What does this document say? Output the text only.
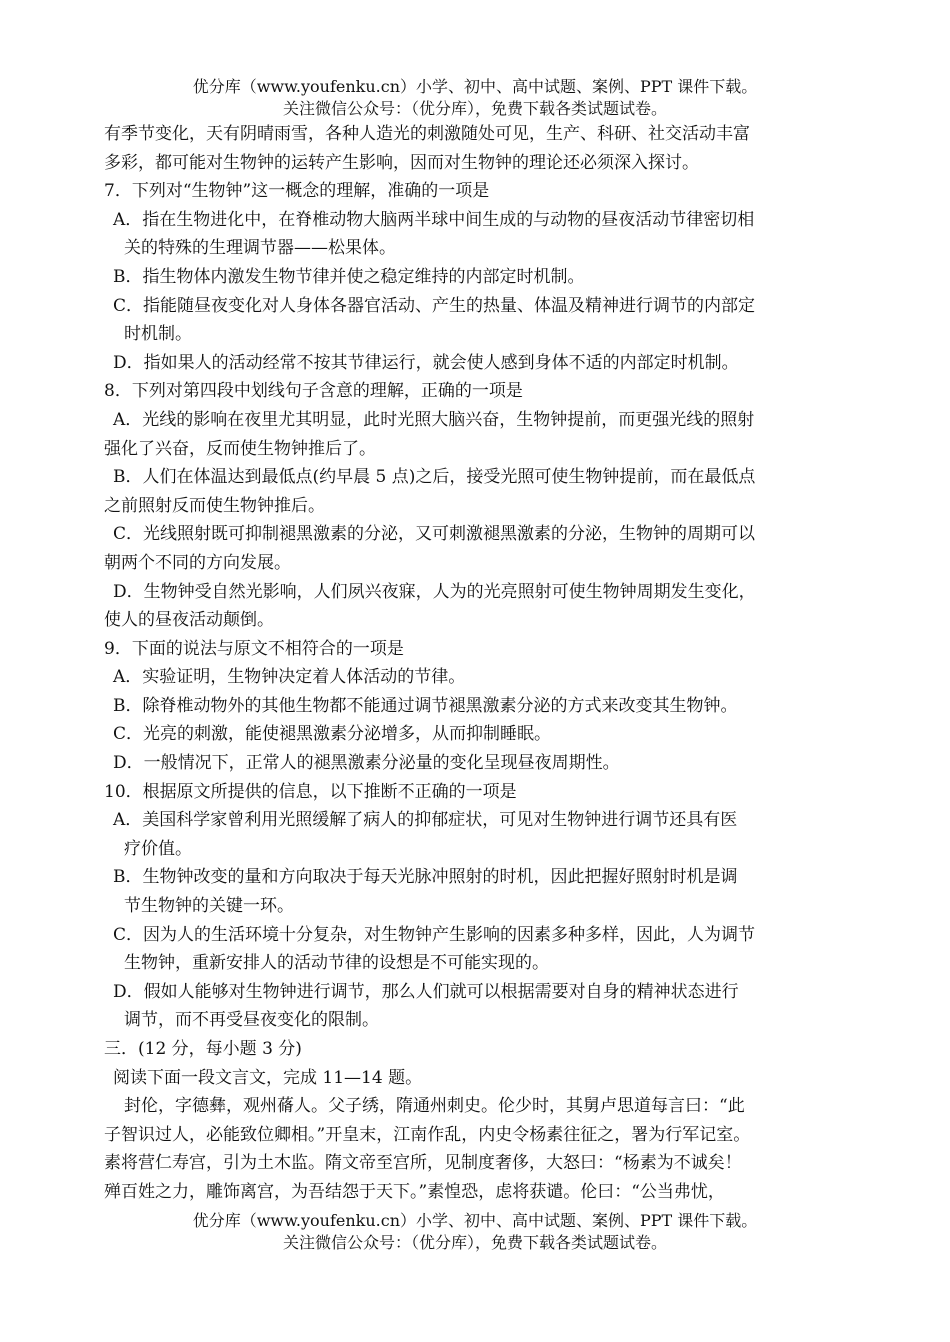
优分库（www.youfenku.cn）小学、初中、高中试题、案例、PPT 课件下载。
关注微信公众号：（优分库），免费下载各类试题试卷。
有季节变化，天有阴晴雨雪，各种人造光的刺激随处可见，生产、科研、社交活动丰富
多彩，都可能对生物钟的运转产生影响，因而对生物钟的理论还必须深入探讨。
7．下列对“生物钟”这一概念的理解，准确的一项是
A．指在生物进化中，在脊椎动物大脑两半球中间生成的与动物的昼夜活动节律密切相
关的特殊的生理调节器——松果体。
B．指生物体内激发生物节律并使之稳定维持的内部定时机制。
C．指能随昼夜变化对人身体各器官活动、产生的热量、体温及精神进行调节的内部定
时机制。
D．指如果人的活动经常不按其节律运行，就会使人感到身体不适的内部定时机制。
8．下列对第四段中划线句子含意的理解，正确的一项是
A．光线的影响在夜里尤其明显，此时光照大脑兴奋，生物钟提前，而更强光线的照射
强化了兴奋，反而使生物钟推后了。
B．人们在体温达到最低点(约早晨 5 点)之后，接受光照可使生物钟提前，而在最低点
之前照射反而使生物钟推后。
C．光线照射既可抑制褪黑激素的分泌，又可刺激褪黑激素的分泌，生物钟的周期可以
朝两个不同的方向发展。
D．生物钟受自然光影响，人们夙兴夜寐，人为的光亮照射可使生物钟周期发生变化，
使人的昼夜活动颠倒。
9．下面的说法与原文不相符合的一项是
A．实验证明，生物钟决定着人体活动的节律。
B．除脊椎动物外的其他生物都不能通过调节褪黑激素分泌的方式来改变其生物钟。
C．光亮的刺激，能使褪黑激素分泌增多，从而抑制睡眠。
D．一般情况下，正常人的褪黑激素分泌量的变化呈现昼夜周期性。
10．根据原文所提供的信息，以下推断不正确的一项是
A．美国科学家曾利用光照缓解了病人的抑郁症状，可见对生物钟进行调节还具有医
疗价值。
B．生物钟改变的量和方向取决于每天光脉冲照射的时机，因此把握好照射时机是调
节生物钟的关键一环。
C．因为人的生活环境十分复杂，对生物钟产生影响的因素多种多样，因此，人为调节
生物钟，重新安排人的活动节律的设想是不可能实现的。
D．假如人能够对生物钟进行调节，那么人们就可以根据需要对自身的精神状态进行
调节，而不再受昼夜变化的限制。
三．(12 分，每小题 3 分)
阅读下面一段文言文，完成 11—14 题。
封伦，字德彝，观州蓨人。父子绣，隋通州刺史。伦少时，其舅卢思道每言曰：“此
子智识过人，必能致位卿相。”开皇末，江南作乱，内史令杨素往征之，署为行军记室。
素将营仁寿宫，引为土木监。隋文帝至宫所，见制度奢侈，大怒曰：“杨素为不诚矣！
殚百姓之力，雕饰离宫，为吾结怨于天下。”素惶恐，虑将获谴。伦曰：“公当弗忧，
优分库（www.youfenku.cn）小学、初中、高中试题、案例、PPT 课件下载。
关注微信公众号：（优分库），免费下载各类试题试卷。
